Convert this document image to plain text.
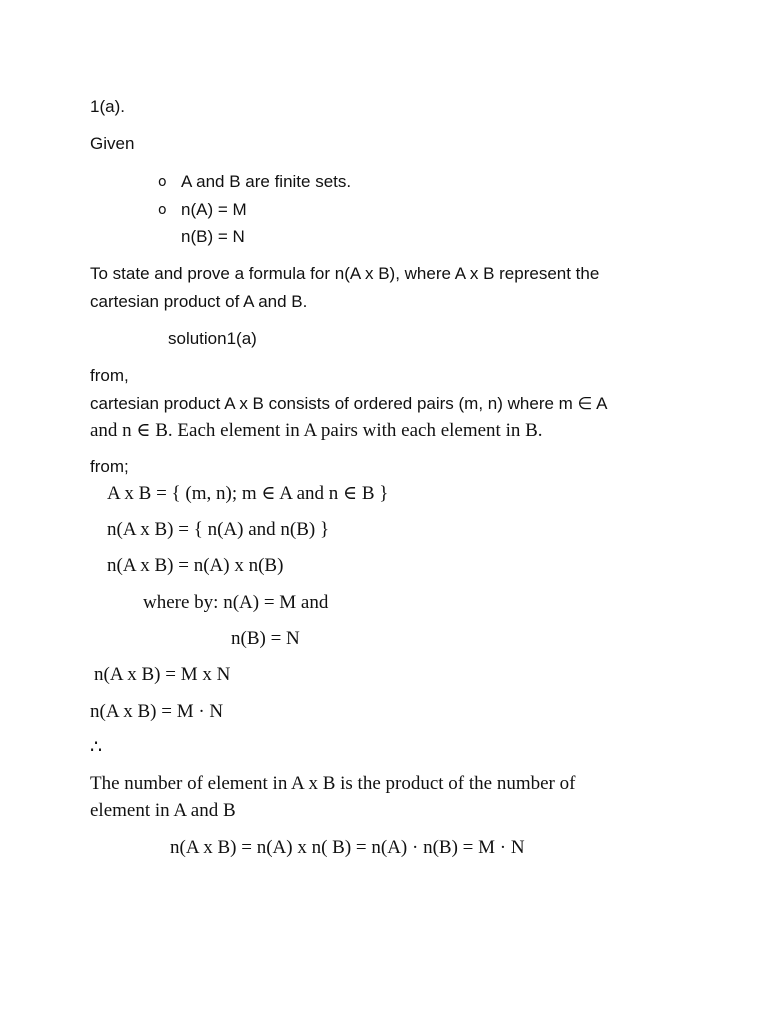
1(a).
Given
o A and B are finite sets.
o n(A) = M
n(B) = N
To state and prove a formula for n(A x B), where A x B represent the
cartesian product of A and B.
solution1(a)
from,
cartesian product A x B consists of ordered pairs (m, n) where m ∈ A
and n ∈ B. Each element in A pairs with each element in B.
from;
A x B = { (m, n); m ∈ A and n ∈ B }
n(A x B) = { n(A) and n(B) }
n(A x B) = n(A) x n(B)
where by: n(A) = M and
n(B) = N
n(A x B) = M x N
n(A x B) = M · N
∴
The number of element in A x B is the product of the number of
element in A and B
n(A x B) = n(A) x n( B) = n(A) · n(B) = M · N
